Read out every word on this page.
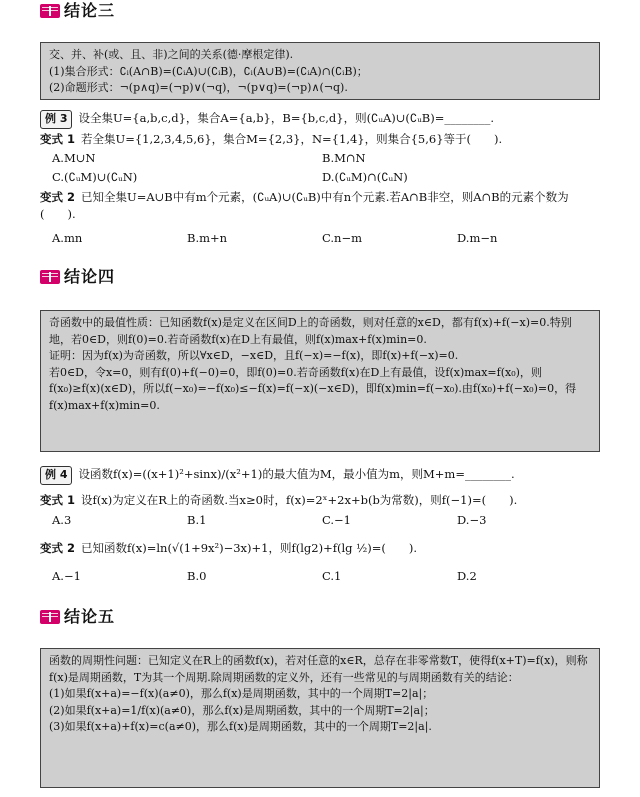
结论三

交、并、补(或、且、非)之间的关系(德·摩根定律).

(1)集合形式：∁ᵢ(A∩B)=(∁ᵢA)∪(∁ᵢB)，∁ᵢ(A∪B)=(∁ᵢA)∩(∁ᵢB)；

(2)命题形式：¬(p∧q)=(¬p)∨(¬q)，¬(p∨q)=(¬p)∧(¬q).

例 3 设全集U={a,b,c,d}，集合A={a,b}，B={b,c,d}，则(∁ᵤA)∪(∁ᵤB)=________.
变式 1 若全集U={1,2,3,4,5,6}，集合M={2,3}，N={1,4}，则集合{5,6}等于(　　).
A.M∪N	B.M∩N
C.(∁ᵤM)∪(∁ᵤN)	D.(∁ᵤM)∩(∁ᵤN)
变式 2 已知全集U=A∪B中有m个元素，(∁ᵤA)∪(∁ᵤB)中有n个元素.若A∩B非空，则A∩B的元素个数为(　　).
A.mn	B.m+n	C.n−m	D.m−n
结论四

奇函数中的最值性质：已知函数f(x)是定义在区间D上的奇函数，则对任意的x∈D，都有f(x)+f(−x)=0.特别地，若0∈D，则f(0)=0.若奇函数f(x)在D上有最值，则f(x)max+f(x)min=0.

证明：因为f(x)为奇函数，所以∀x∈D，−x∈D，且f(−x)=−f(x)，即f(x)+f(−x)=0.

若0∈D，令x=0，则有f(0)+f(−0)=0，即f(0)=0.若奇函数f(x)在D上有最值，设f(x)max=f(x₀)，则f(x₀)≥f(x)(x∈D)，所以f(−x₀)=−f(x₀)≤−f(x)=f(−x)(−x∈D)，即f(x)min=f(−x₀).由f(x₀)+f(−x₀)=0，得f(x)max+f(x)min=0.

例 4 设函数f(x)=((x+1)²+sinx)/(x²+1)的最大值为M，最小值为m，则M+m=________.
变式 1 设f(x)为定义在R上的奇函数.当x≥0时，f(x)=2ˣ+2x+b(b为常数)，则f(−1)=(　　).
A.3	B.1	C.−1	D.−3
变式 2 已知函数f(x)=ln(√(1+9x²)−3x)+1，则f(lg2)+f(lg ½)=(　　).
A.−1	B.0	C.1	D.2
结论五

函数的周期性问题：已知定义在R上的函数f(x)，若对任意的x∈R，总存在非零常数T，使得f(x+T)=f(x)，则称f(x)是周期函数，T为其一个周期.除周期函数的定义外，还有一些常见的与周期函数有关的结论：

(1)如果f(x+a)=−f(x)(a≠0)，那么f(x)是周期函数，其中的一个周期T=2|a|；

(2)如果f(x+a)=1/f(x)(a≠0)，那么f(x)是周期函数，其中的一个周期T=2|a|；

(3)如果f(x+a)+f(x)=c(a≠0)，那么f(x)是周期函数，其中的一个周期T=2|a|.
